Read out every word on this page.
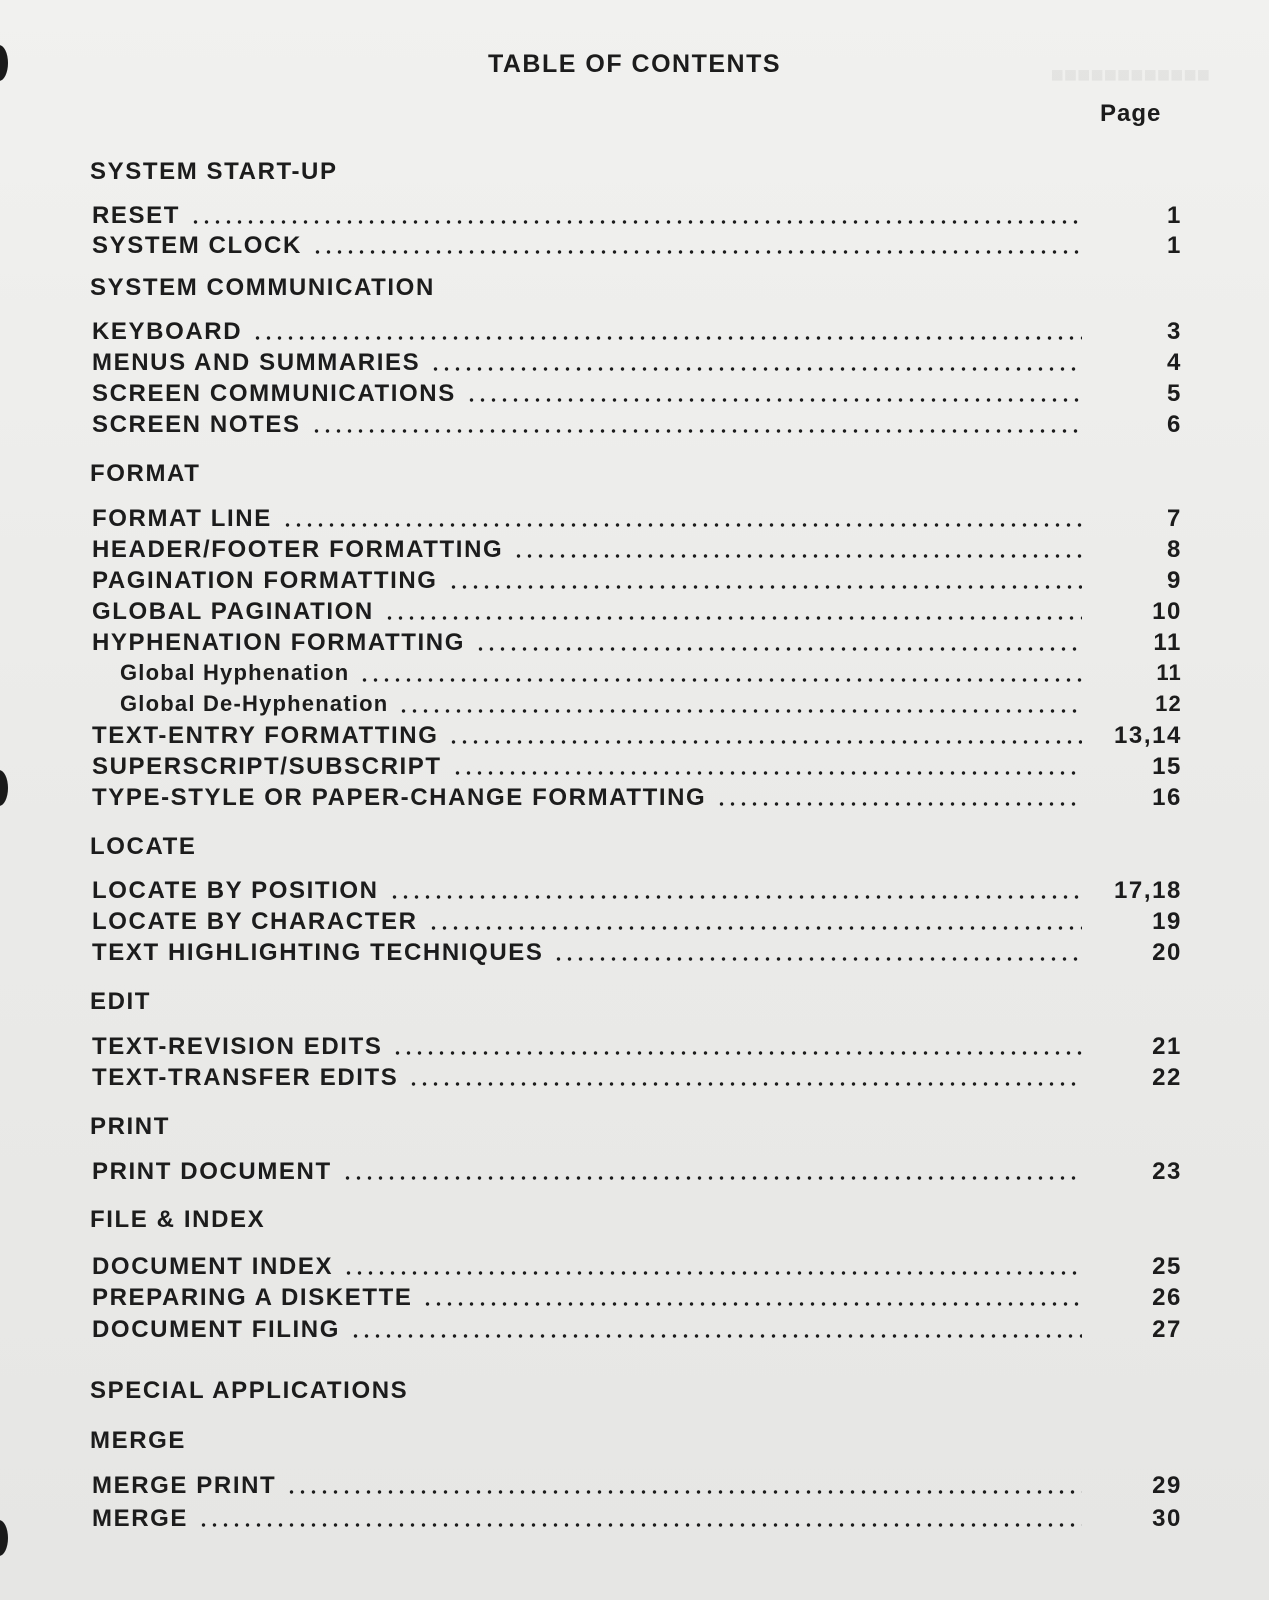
■■■■■■■■■■■■
TABLE OF CONTENTS
Page
SYSTEM START-UP
RESET	1
SYSTEM CLOCK	1
SYSTEM COMMUNICATION
KEYBOARD	3
MENUS AND SUMMARIES	4
SCREEN COMMUNICATIONS	5
SCREEN NOTES	6
FORMAT
FORMAT LINE	7
HEADER/FOOTER FORMATTING	8
PAGINATION FORMATTING	9
GLOBAL PAGINATION	10
HYPHENATION FORMATTING	11
Global Hyphenation	11
Global De-Hyphenation	12
TEXT-ENTRY FORMATTING	13,14
SUPERSCRIPT/SUBSCRIPT	15
TYPE-STYLE OR PAPER-CHANGE FORMATTING	16
LOCATE
LOCATE BY POSITION	17,18
LOCATE BY CHARACTER	19
TEXT HIGHLIGHTING TECHNIQUES	20
EDIT
TEXT-REVISION EDITS	21
TEXT-TRANSFER EDITS	22
PRINT
PRINT DOCUMENT	23
FILE & INDEX
DOCUMENT INDEX	25
PREPARING A DISKETTE	26
DOCUMENT FILING	27
SPECIAL APPLICATIONS
MERGE
MERGE PRINT	29
MERGE	30
